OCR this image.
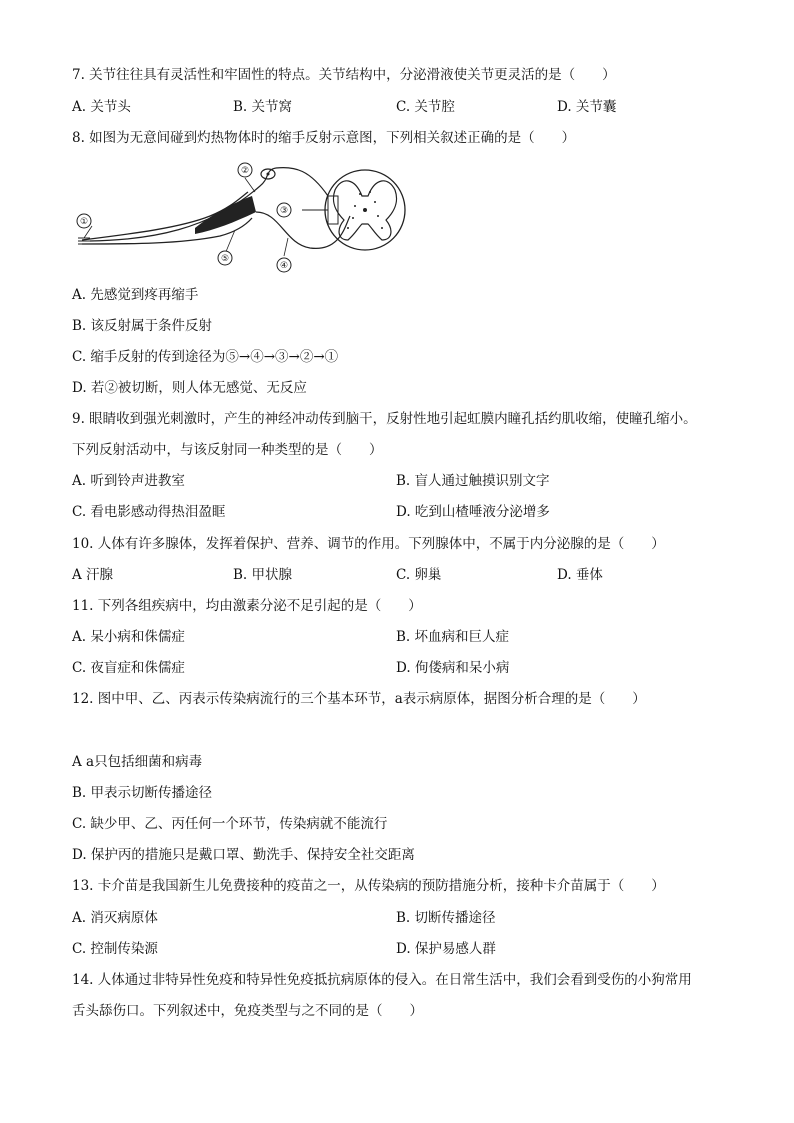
7. 关节往往具有灵活性和牢固性的特点。关节结构中，分泌滑液使关节更灵活的是（　　）
A. 关节头	B. 关节窝	C. 关节腔	D. 关节囊
8. 如图为无意间碰到灼热物体时的缩手反射示意图，下列相关叙述正确的是（　　）
①
②
③
④
⑤
A. 先感觉到疼再缩手
B. 该反射属于条件反射
C. 缩手反射的传到途径为⑤→④→③→②→①
D. 若②被切断，则人体无感觉、无反应
9. 眼睛收到强光刺激时，产生的神经冲动传到脑干，反射性地引起虹膜内瞳孔括约肌收缩，使瞳孔缩小。
下列反射活动中，与该反射同一种类型的是（　　）
A. 听到铃声进教室	B. 盲人通过触摸识别文字
C. 看电影感动得热泪盈眶	D. 吃到山楂唾液分泌增多
10. 人体有许多腺体，发挥着保护、营养、调节的作用。下列腺体中，不属于内分泌腺的是（　　）
A 汗腺	B. 甲状腺	C. 卵巢	D. 垂体
11. 下列各组疾病中，均由激素分泌不足引起的是（　　）
A. 呆小病和侏儒症	B. 坏血病和巨人症
C. 夜盲症和侏儒症	D. 佝偻病和呆小病
12. 图中甲、乙、丙表示传染病流行的三个基本环节，a表示病原体，据图分析合理的是（　　）
A a只包括细菌和病毒
B. 甲表示切断传播途径
C. 缺少甲、乙、丙任何一个环节，传染病就不能流行
D. 保护丙的措施只是戴口罩、勤洗手、保持安全社交距离
13. 卡介苗是我国新生儿免费接种的疫苗之一，从传染病的预防措施分析，接种卡介苗属于（　　）
A. 消灭病原体	B. 切断传播途径
C. 控制传染源	D. 保护易感人群
14. 人体通过非特异性免疫和特异性免疫抵抗病原体的侵入。在日常生活中，我们会看到受伤的小狗常用
舌头舔伤口。下列叙述中，免疫类型与之不同的是（　　）
